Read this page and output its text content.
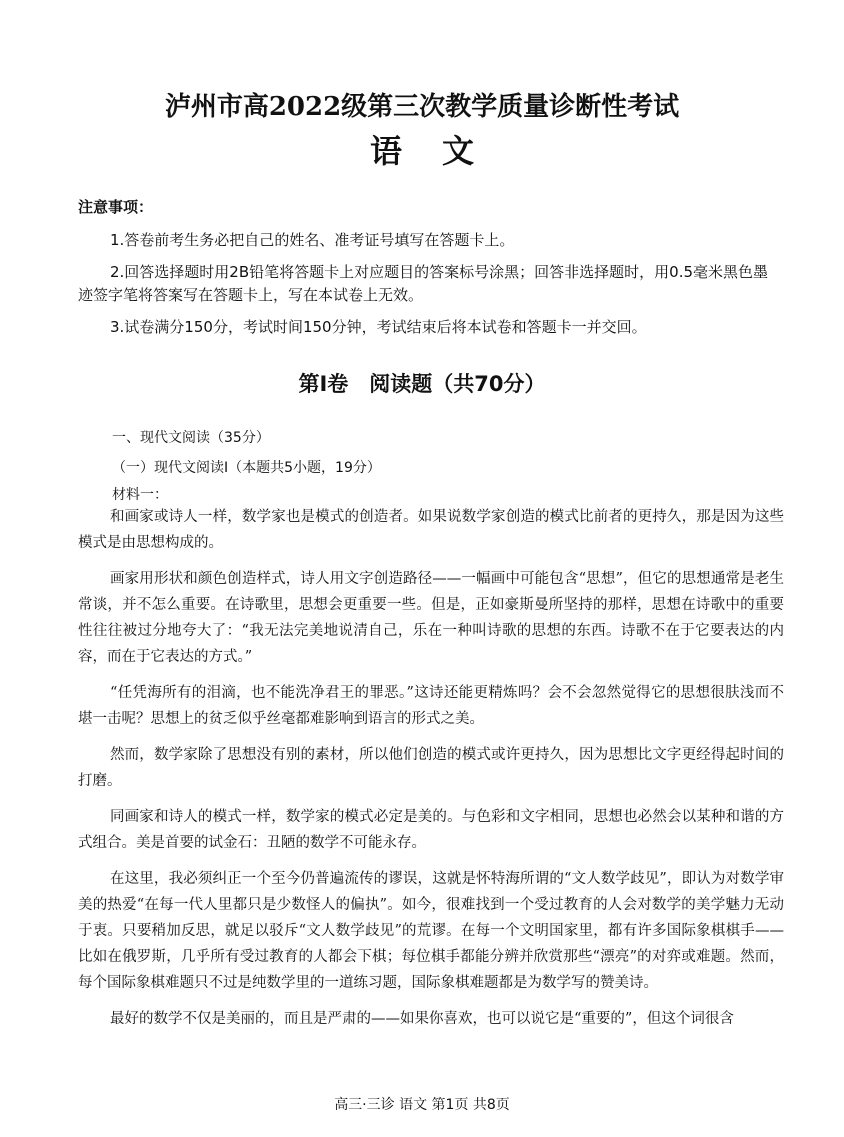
泸州市高2022级第三次教学质量诊断性考试
语文
注意事项：

1.答卷前考生务必把自己的姓名、准考证号填写在答题卡上。

2.回答选择题时用2B铅笔将答题卡上对应题目的答案标号涂黑；回答非选择题时，用0.5毫米黑色墨迹签字笔将答案写在答题卡上，写在本试卷上无效。

3.试卷满分150分，考试时间150分钟，考试结束后将本试卷和答题卡一并交回。

第Ⅰ卷　阅读题（共70分）
一、现代文阅读（35分）
（一）现代文阅读Ⅰ（本题共5小题，19分）
材料一：

和画家或诗人一样，数学家也是模式的创造者。如果说数学家创造的模式比前者的更持久，那是因为这些模式是由思想构成的。

画家用形状和颜色创造样式，诗人用文字创造路径——一幅画中可能包含“思想”，但它的思想通常是老生常谈，并不怎么重要。在诗歌里，思想会更重要一些。但是，正如豪斯曼所坚持的那样，思想在诗歌中的重要性往往被过分地夸大了：“我无法完美地说清自己，乐在一种叫诗歌的思想的东西。诗歌不在于它要表达的内容，而在于它表达的方式。”

“任凭海所有的泪滴，也不能洗净君王的罪恶。”这诗还能更精炼吗？会不会忽然觉得它的思想很肤浅而不堪一击呢？思想上的贫乏似乎丝毫都难影响到语言的形式之美。

然而，数学家除了思想没有别的素材，所以他们创造的模式或许更持久，因为思想比文字更经得起时间的打磨。

同画家和诗人的模式一样，数学家的模式必定是美的。与色彩和文字相同，思想也必然会以某种和谐的方式组合。美是首要的试金石：丑陋的数学不可能永存。

在这里，我必须纠正一个至今仍普遍流传的谬误，这就是怀特海所谓的“文人数学歧见”，即认为对数学审美的热爱“在每一代人里都只是少数怪人的偏执”。如今，很难找到一个受过教育的人会对数学的美学魅力无动于衷。只要稍加反思，就足以驳斥“文人数学歧见”的荒谬。在每一个文明国家里，都有许多国际象棋棋手——比如在俄罗斯，几乎所有受过教育的人都会下棋；每位棋手都能分辨并欣赏那些“漂亮”的对弈或难题。然而，每个国际象棋难题只不过是纯数学里的一道练习题，国际象棋难题都是为数学写的赞美诗。

最好的数学不仅是美丽的，而且是严肃的——如果你喜欢，也可以说它是“重要的”，但这个词很含

高三·三诊 语文 第1页 共8页
